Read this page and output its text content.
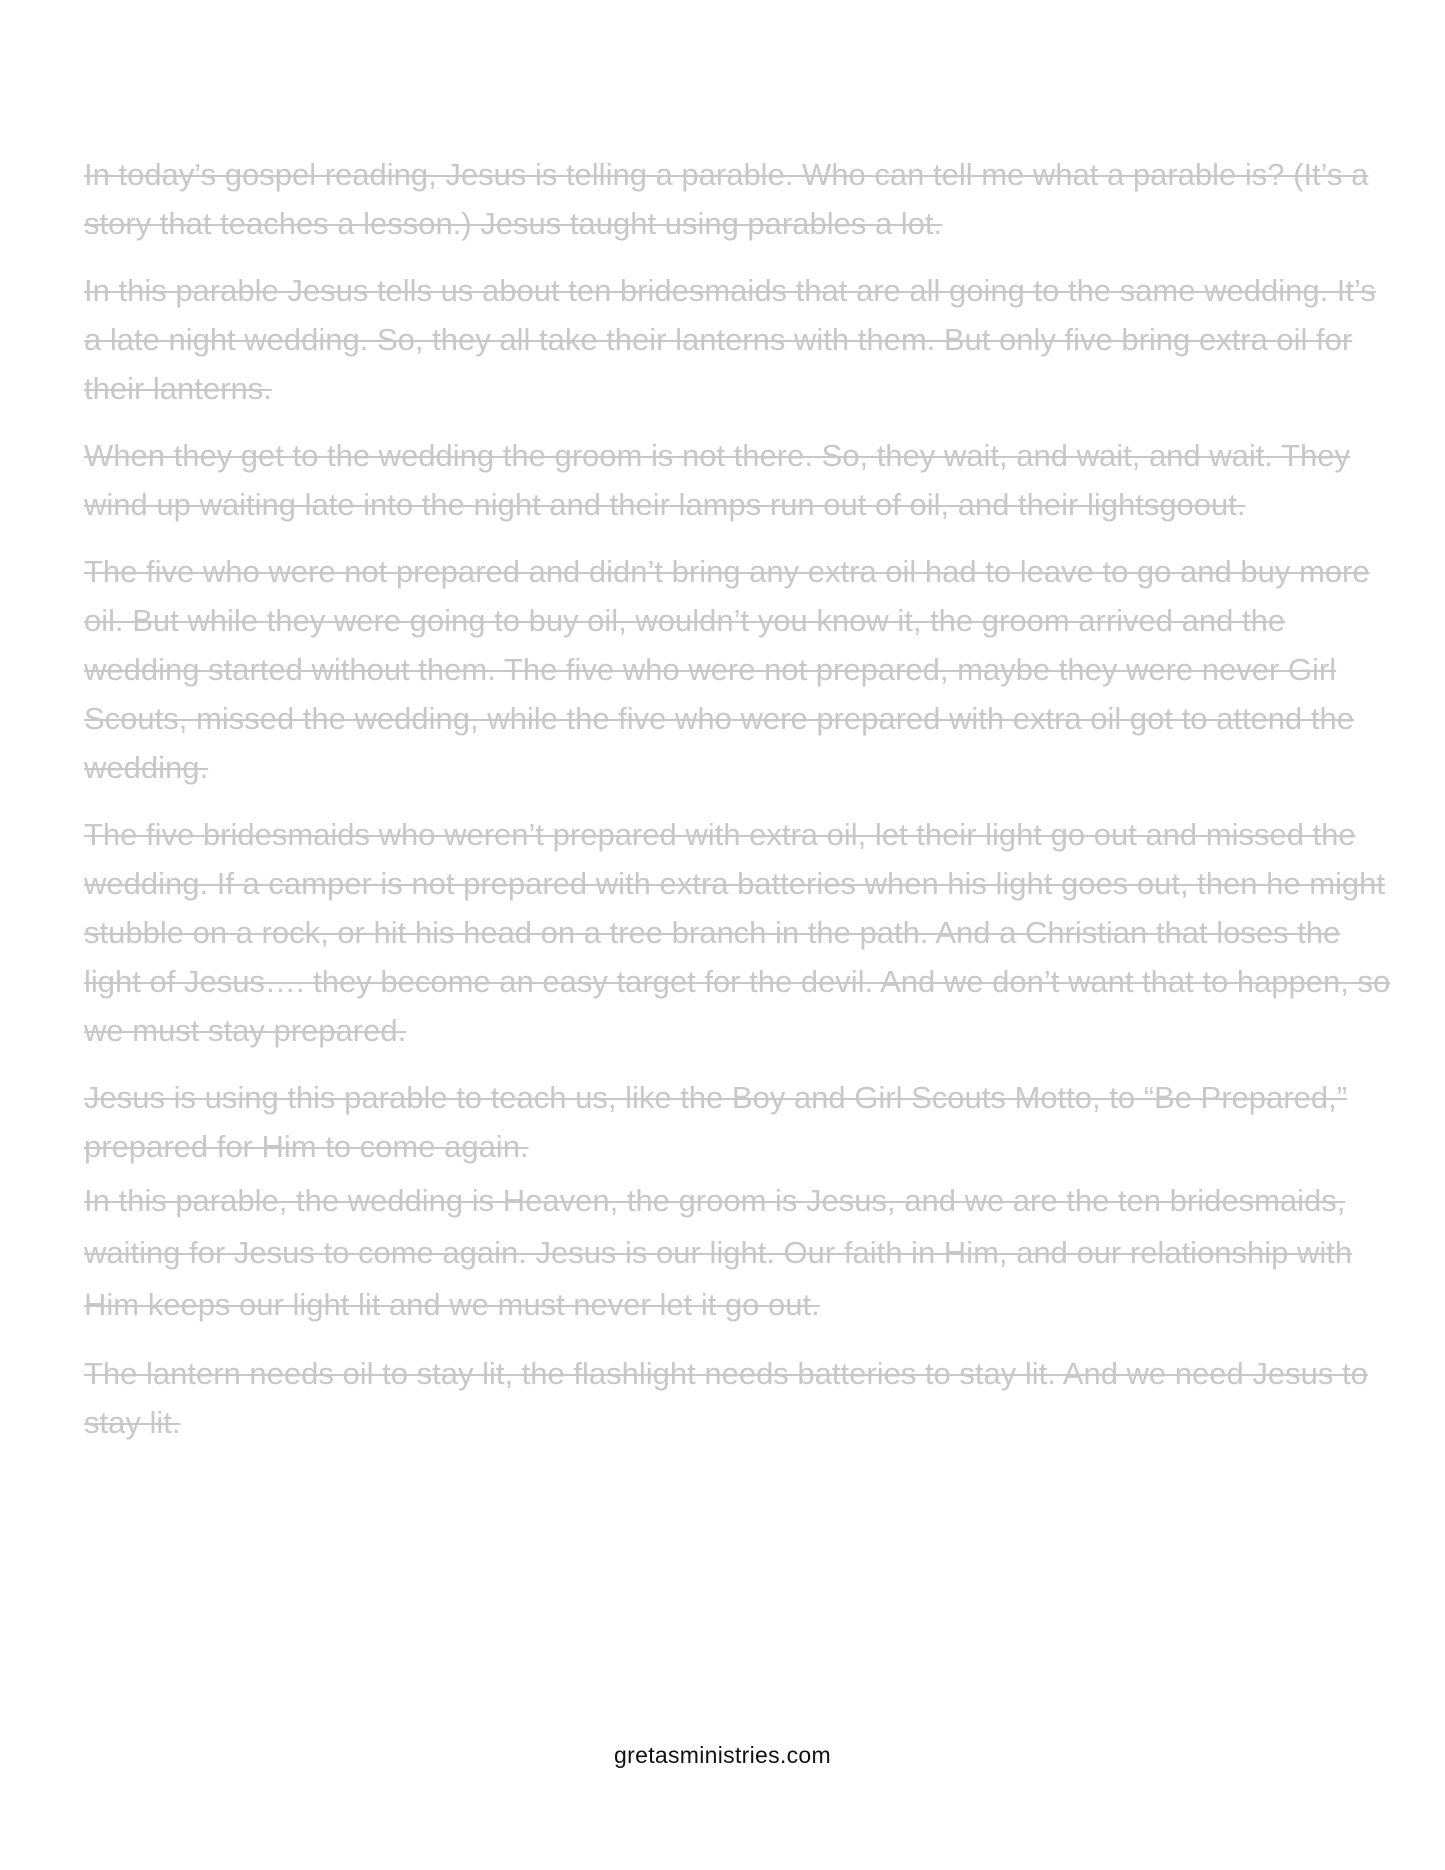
In today’s gospel reading, Jesus is telling a parable. Who can tell me what a parable is? (It’s a story that teaches a lesson.) Jesus taught using parables a lot.

In this parable Jesus tells us about ten bridesmaids that are all going to the same wedding. It’s a late night wedding. So, they all take their lanterns with them. But only five bring extra oil for their lanterns.

When they get to the wedding the groom is not there. So, they wait, and wait, and wait. They wind up waiting late into the night and their lamps run out of oil, and their lightsgoout.

The five who were not prepared and didn’t bring any extra oil had to leave to go and buy more oil. But while they were going to buy oil, wouldn’t you know it, the groom arrived and the wedding started without them. The five who were not prepared, maybe they were never Girl Scouts, missed the wedding, while the five who were prepared with extra oil got to attend the wedding.

The five bridesmaids who weren’t prepared with extra oil, let their light go out and missed the wedding. If a camper is not prepared with extra batteries when his light goes out, then he might stubble on a rock, or hit his head on a tree branch in the path. And a Christian that loses the light of Jesus…. they become an easy target for the devil. And we don’t want that to happen, so we must stay prepared.

Jesus is using this parable to teach us, like the Boy and Girl Scouts Motto, to “Be Prepared,” prepared for Him to come again.

In this parable, the wedding is Heaven, the groom is Jesus, and we are the ten bridesmaids, waiting for Jesus to come again. Jesus is our light. Our faith in Him, and our relationship with Him keeps our light lit and we must never let it go out.

The lantern needs oil to stay lit, the flashlight needs batteries to stay lit. And we need Jesus to stay lit.

gretasministries.com
